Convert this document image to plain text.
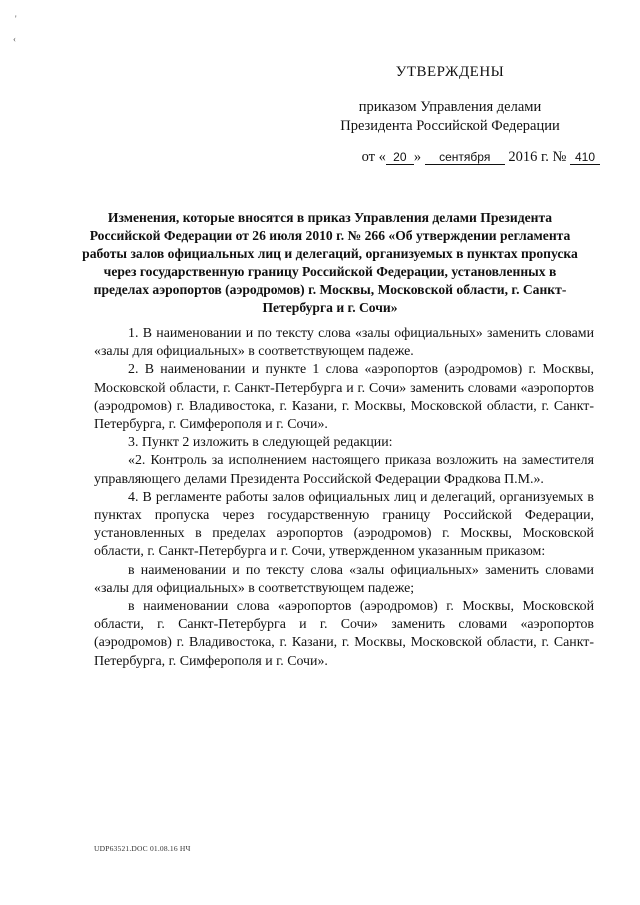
'
‹
УТВЕРЖДЕНЫ
приказом Управления делами
Президента Российской Федерации
от « 20 » сентября 2016 г. № 410
Изменения, которые вносятся в приказ Управления делами Президента Российской Федерации от 26 июля 2010 г. № 266 «Об утверждении регламента работы залов официальных лиц и делегаций, организуемых в пунктах пропуска через государственную границу Российской Федерации, установленных в пределах аэропортов (аэродромов) г. Москвы, Московской области, г. Санкт-Петербурга и г. Сочи»

1. В наименовании и по тексту слова «залы официальных» заменить словами «залы для официальных» в соответствующем падеже.

2. В наименовании и пункте 1 слова «аэропортов (аэродромов) г. Москвы, Московской области, г. Санкт-Петербурга и г. Сочи» заменить словами «аэропортов (аэродромов) г. Владивостока, г. Казани, г. Москвы, Московской области, г. Санкт-Петербурга, г. Симферополя и г. Сочи».

3. Пункт 2 изложить в следующей редакции:

«2. Контроль за исполнением настоящего приказа возложить на заместителя управляющего делами Президента Российской Федерации Фрадкова П.М.».

4. В регламенте работы залов официальных лиц и делегаций, организуемых в пунктах пропуска через государственную границу Российской Федерации, установленных в пределах аэропортов (аэродромов) г. Москвы, Московской области, г. Санкт-Петербурга и г. Сочи, утвержденном указанным приказом:

в наименовании и по тексту слова «залы официальных» заменить словами «залы для официальных» в соответствующем падеже;

в наименовании слова «аэропортов (аэродромов) г. Москвы, Московской области, г. Санкт-Петербурга и г. Сочи» заменить словами «аэропортов (аэродромов) г. Владивостока, г. Казани, г. Москвы, Московской области, г. Санкт-Петербурга, г. Симферополя и г. Сочи».

UDP63521.DOC 01.08.16 НЧ
